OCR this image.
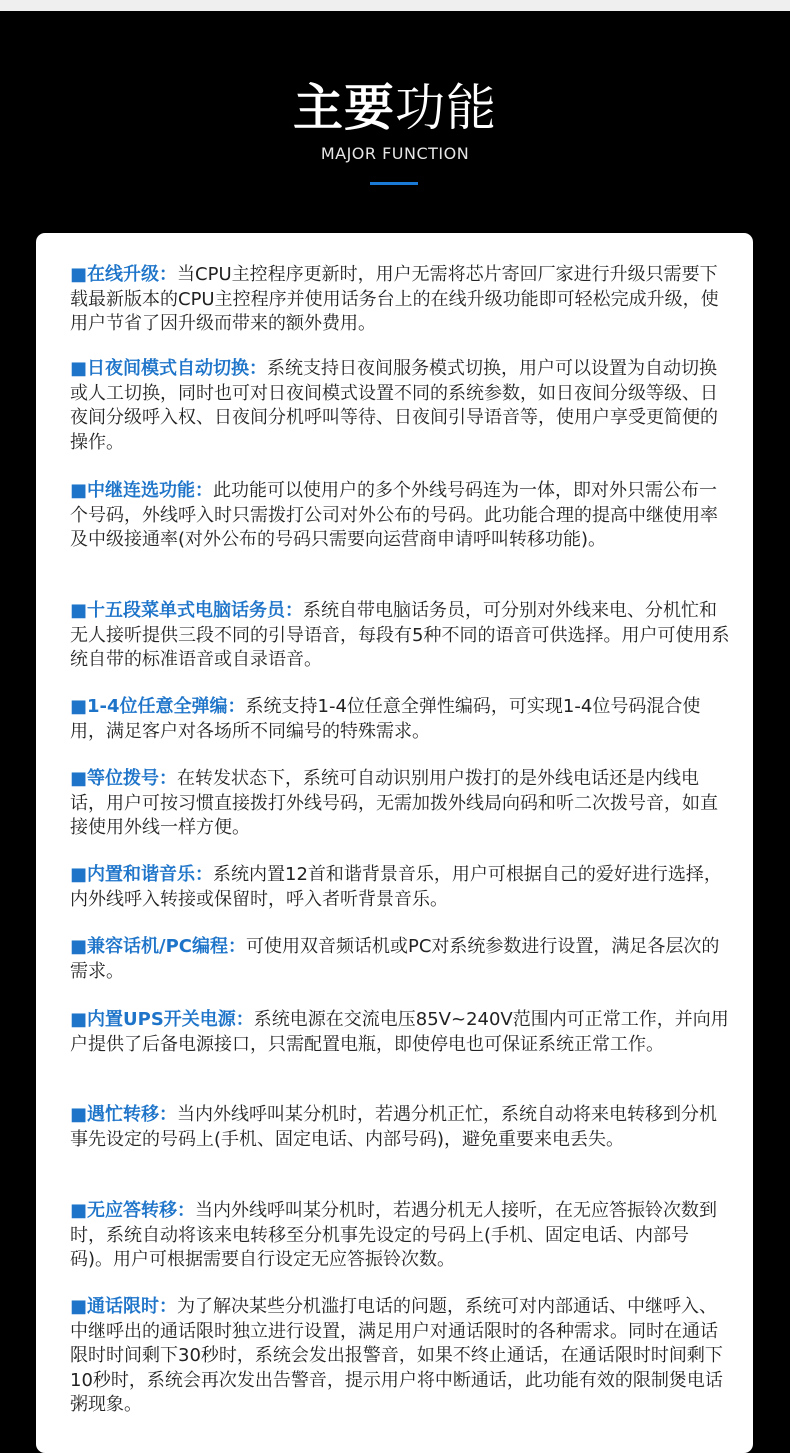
主要功能
MAJOR FUNCTION

■在线升级：当CPU主控程序更新时，用户无需将芯片寄回厂家进行升级只需要下载最新版本的CPU主控程序并使用话务台上的在线升级功能即可轻松完成升级，使用户节省了因升级而带来的额外费用。

■日夜间模式自动切换：系统支持日夜间服务模式切换，用户可以设置为自动切换或人工切换，同时也可对日夜间模式设置不同的系统参数，如日夜间分级等级、日夜间分级呼入权、日夜间分机呼叫等待、日夜间引导语音等，使用户享受更简便的操作。

■中继连选功能：此功能可以使用户的多个外线号码连为一体，即对外只需公布一个号码，外线呼入时只需拨打公司对外公布的号码。此功能合理的提高中继使用率及中级接通率(对外公布的号码只需要向运营商申请呼叫转移功能)。

■十五段菜单式电脑话务员：系统自带电脑话务员，可分别对外线来电、分机忙和无人接听提供三段不同的引导语音，每段有5种不同的语音可供选择。用户可使用系统自带的标准语音或自录语音。

■1-4位任意全弹编：系统支持1-4位任意全弹性编码，可实现1-4位号码混合使用，满足客户对各场所不同编号的特殊需求。

■等位拨号：在转发状态下，系统可自动识别用户拨打的是外线电话还是内线电话，用户可按习惯直接拨打外线号码，无需加拨外线局向码和听二次拨号音，如直接使用外线一样方便。

■内置和谐音乐：系统内置12首和谐背景音乐，用户可根据自己的爱好进行选择，内外线呼入转接或保留时，呼入者听背景音乐。

■兼容话机/PC编程：可使用双音频话机或PC对系统参数进行设置，满足各层次的需求。

■内置UPS开关电源：系统电源在交流电压85V~240V范围内可正常工作，并向用户提供了后备电源接口，只需配置电瓶，即使停电也可保证系统正常工作。

■遇忙转移：当内外线呼叫某分机时，若遇分机正忙，系统自动将来电转移到分机事先设定的号码上(手机、固定电话、内部号码)，避免重要来电丢失。

■无应答转移：当内外线呼叫某分机时，若遇分机无人接听，在无应答振铃次数到时，系统自动将该来电转移至分机事先设定的号码上(手机、固定电话、内部号码)。用户可根据需要自行设定无应答振铃次数。

■通话限时：为了解决某些分机滥打电话的问题，系统可对内部通话、中继呼入、中继呼出的通话限时独立进行设置，满足用户对通话限时的各种需求。同时在通话限时时间剩下30秒时，系统会发出报警音，如果不终止通话，在通话限时时间剩下10秒时，系统会再次发出告警音，提示用户将中断通话，此功能有效的限制煲电话粥现象。
